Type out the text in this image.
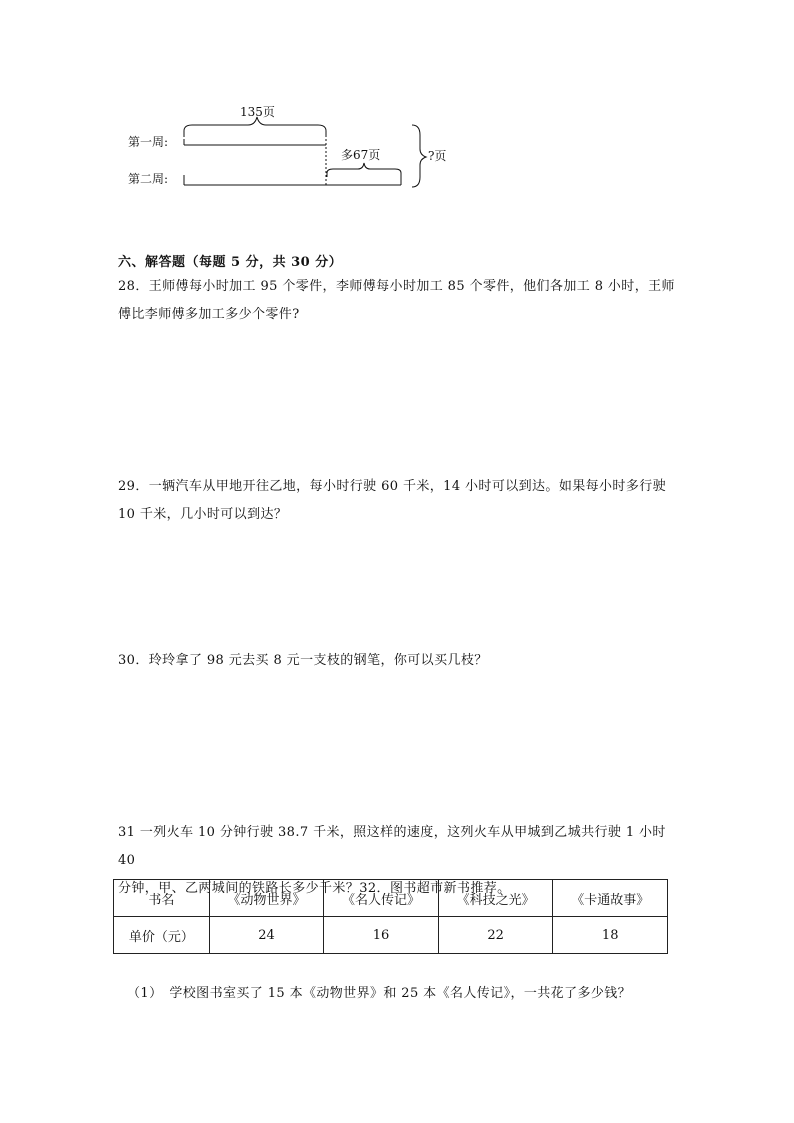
第一周:
第二周:
135页
多67页	?页
六、解答题（每题 5 分，共 30 分）
28．王师傅每小时加工 95 个零件，李师傅每小时加工 85 个零件，他们各加工 8 小时，王师
傅比李师傅多加工多少个零件?
29．一辆汽车从甲地开往乙地，每小时行驶 60 千米，14 小时可以到达。如果每小时多行驶
10 千米，几小时可以到达？
30．玲玲拿了 98 元去买 8 元一支枝的钢笔，你可以买几枝？
31 一列火车 10 分钟行驶 38.7 千米，照这样的速度，这列火车从甲城到乙城共行驶 1 小时 40
分钟，甲、乙两城间的铁路长多少千米？32．图书超市新书推荐。
书名	《动物世界》	《名人传记》	《科技之光》	《卡通故事》
单价（元）	24	16	22	18
（1）　学校图书室买了 15 本《动物世界》和 25 本《名人传记》，一共花了多少钱？
